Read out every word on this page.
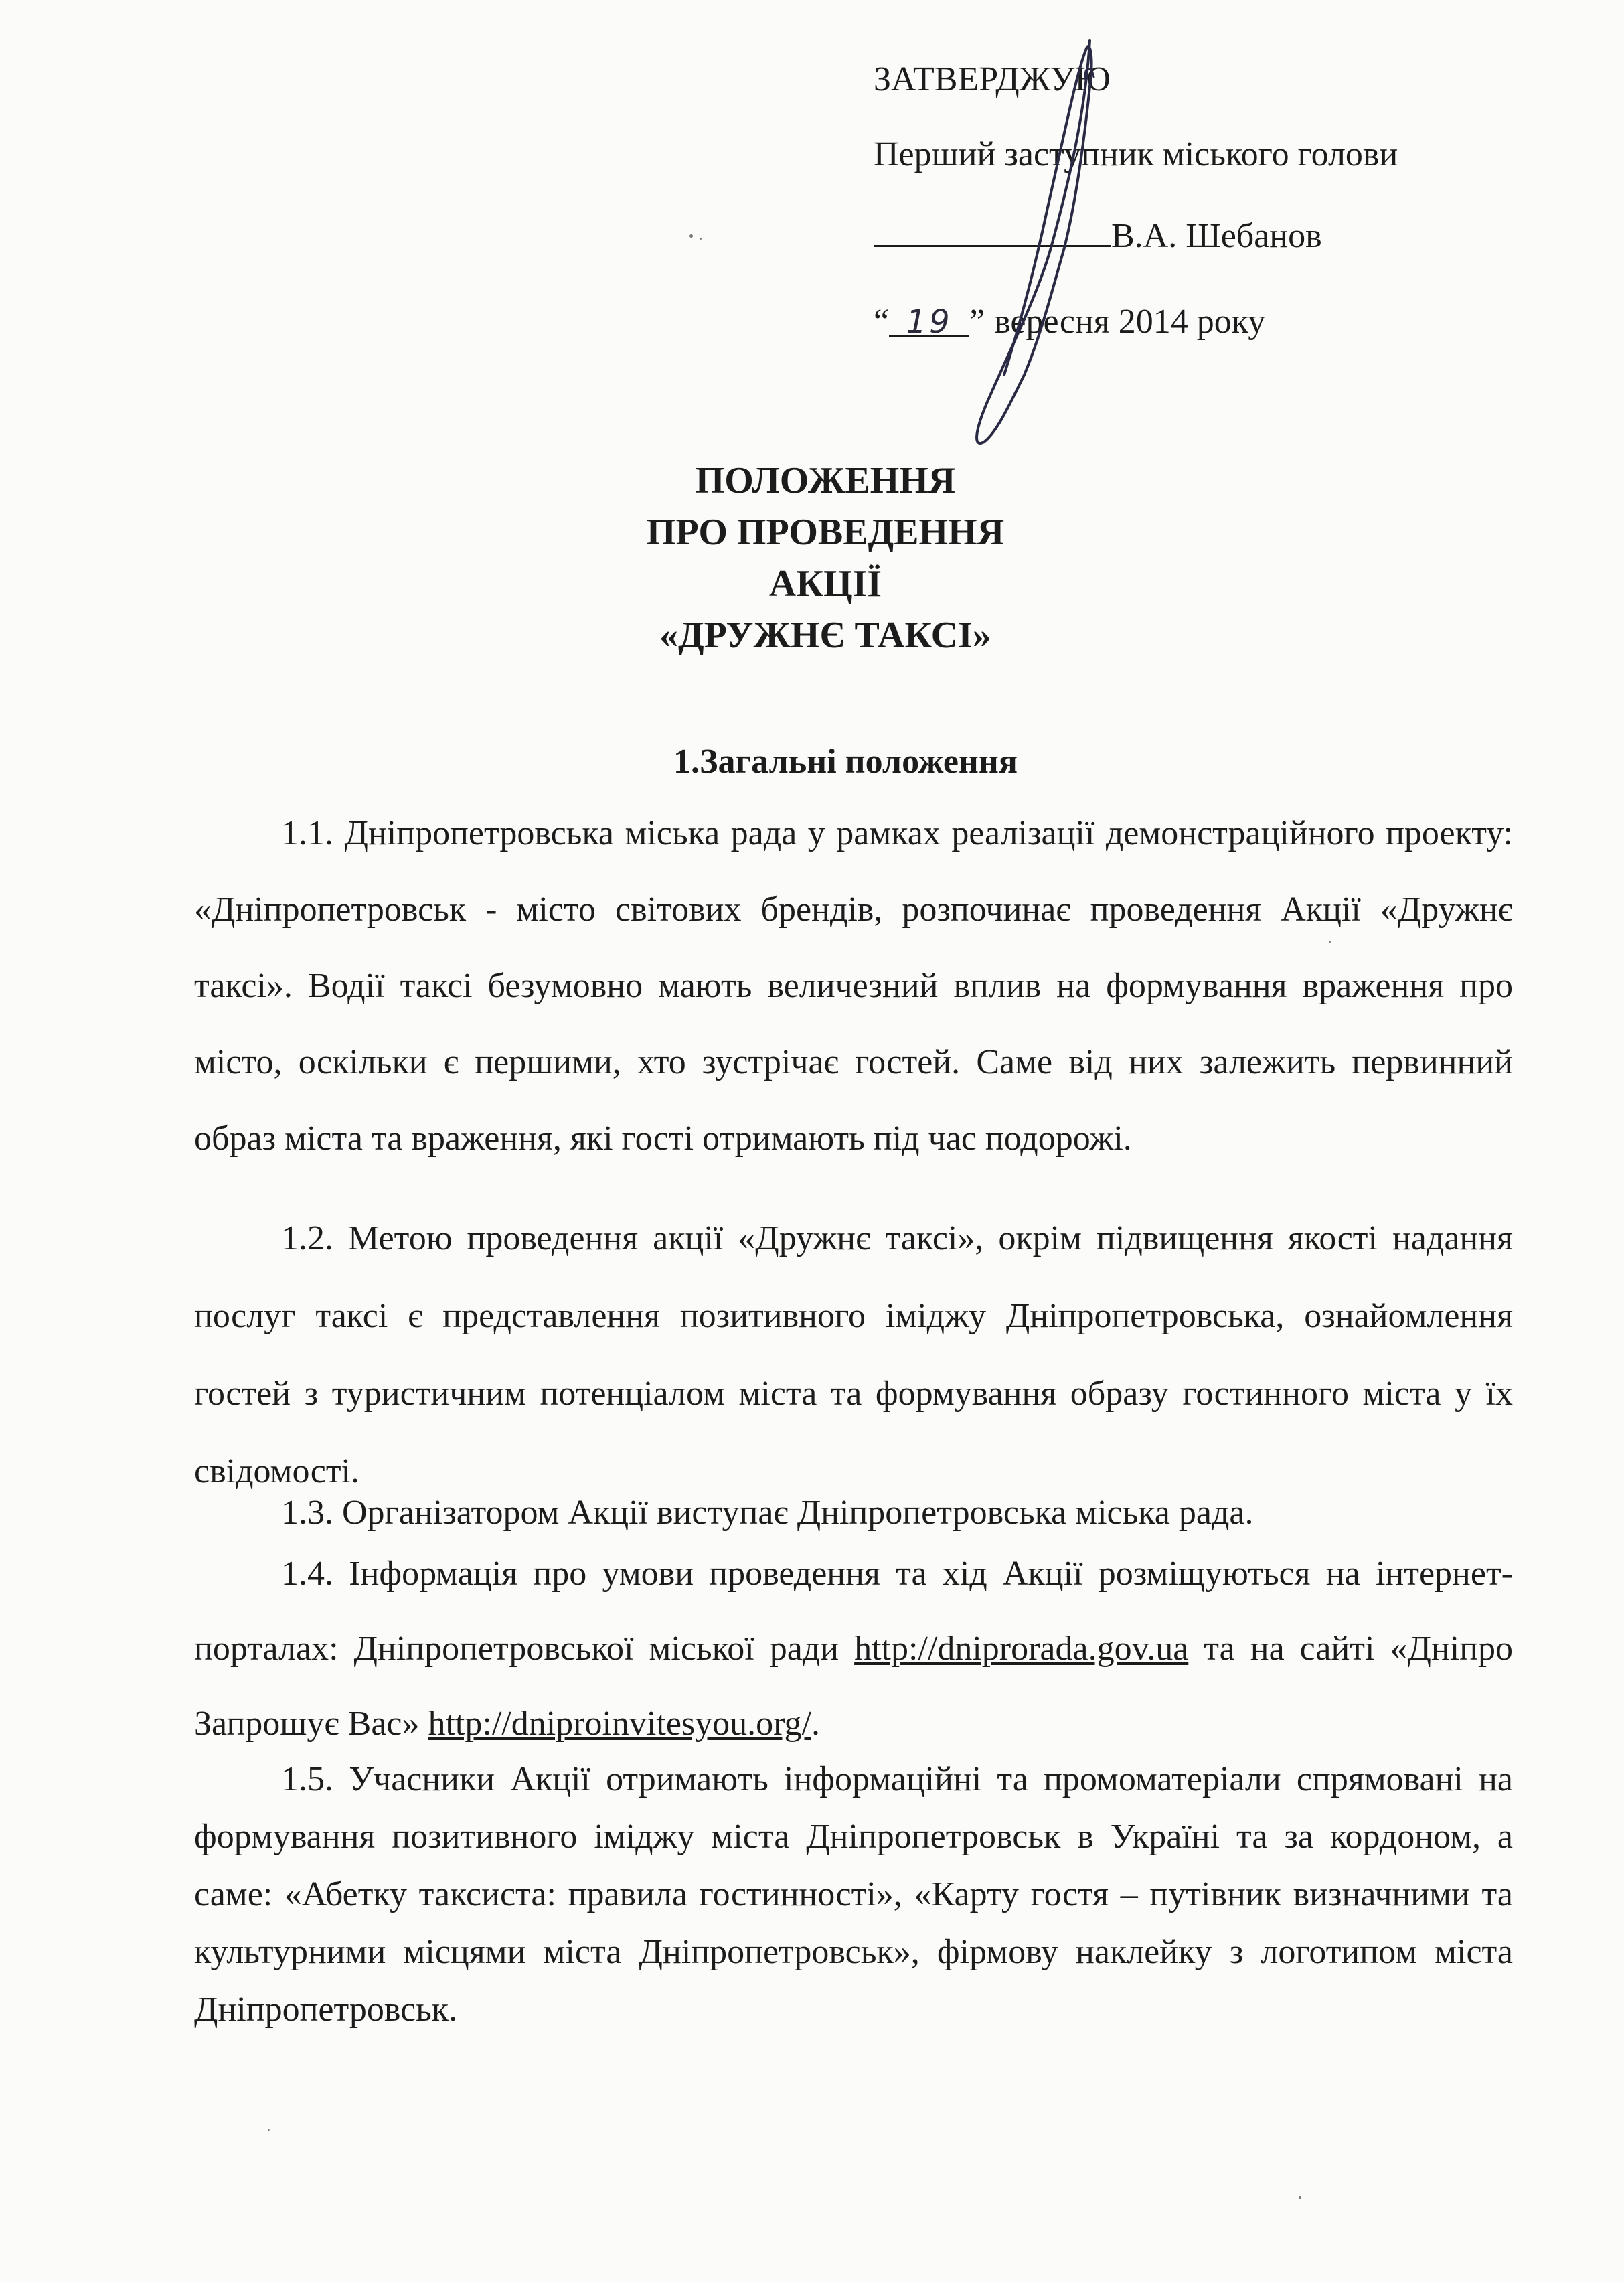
ЗАТВЕРДЖУЮ
Перший заступник міського голови
В.А. Шебанов
“ 19 ” вересня 2014 року
ПОЛОЖЕННЯ
ПРО ПРОВЕДЕННЯ
АКЦІЇ
«ДРУЖНЄ ТАКСІ»
1.Загальні положення
1.1. Дніпропетровська міська рада у рамках реалізації демонстраційного проекту: «Дніпропетровськ - місто світових брендів, розпочинає проведення Акції «Дружнє таксі». Водії таксі безумовно мають величезний вплив на формування враження про місто, оскільки є першими, хто зустрічає гостей. Саме від них залежить первинний образ міста та враження, які гості отримають під час подорожі.
1.2. Метою проведення акції «Дружнє таксі», окрім підвищення якості надання послуг таксі є представлення позитивного іміджу Дніпропетровська, ознайомлення гостей з туристичним потенціалом міста та формування образу гостинного міста у їх свідомості.
1.3. Організатором Акції виступає Дніпропетровська міська рада.
1.4. Інформація про умови проведення та хід Акції розміщуються на інтернет-порталах: Дніпропетровської міської ради http://dniprorada.gov.ua та на сайті «Дніпро Запрошує Вас» http://dniproinvitesyou.org/.
1.5. Учасники Акції отримають інформаційні та промоматеріали спрямовані на формування позитивного іміджу міста Дніпропетровськ в Україні та за кордоном, а саме: «Абетку таксиста: правила гостинності», «Карту гостя – путівник визначними та культурними місцями міста Дніпропетровськ», фірмову наклейку з логотипом міста Дніпропетровськ.
